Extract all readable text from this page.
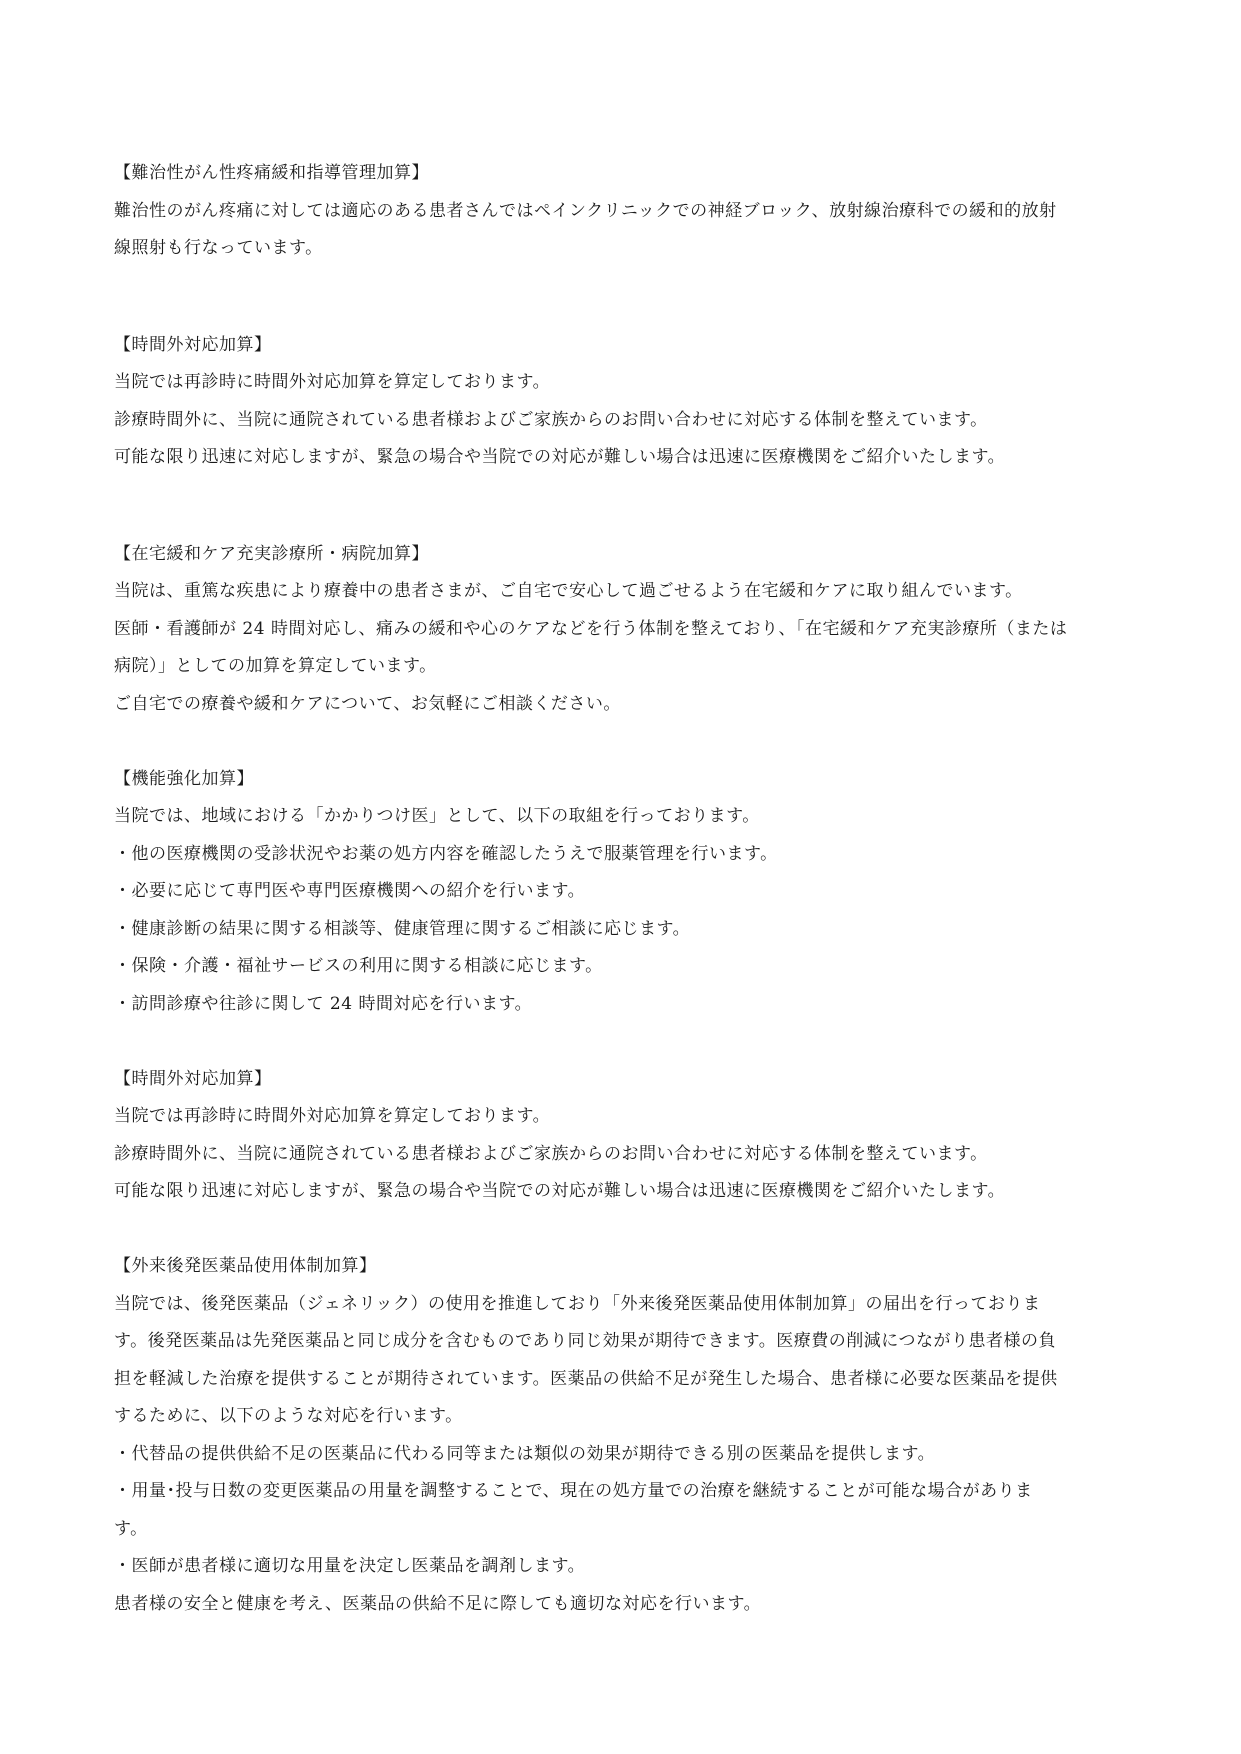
【難治性がん性疼痛緩和指導管理加算】
難治性のがん疼痛に対しては適応のある患者さんではペインクリニックでの神経ブロック、放射線治療科での緩和的放射
線照射も行なっています。
【時間外対応加算】
当院では再診時に時間外対応加算を算定しております。
診療時間外に、当院に通院されている患者様およびご家族からのお問い合わせに対応する体制を整えています。
可能な限り迅速に対応しますが、緊急の場合や当院での対応が難しい場合は迅速に医療機関をご紹介いたします。
【在宅緩和ケア充実診療所・病院加算】
当院は、重篤な疾患により療養中の患者さまが、ご自宅で安心して過ごせるよう在宅緩和ケアに取り組んでいます。
医師・看護師が 24 時間対応し、痛みの緩和や心のケアなどを行う体制を整えており、「在宅緩和ケア充実診療所（または
病院）」としての加算を算定しています。
ご自宅での療養や緩和ケアについて、お気軽にご相談ください。
【機能強化加算】
当院では、地域における「かかりつけ医」として、以下の取組を行っております。
・他の医療機関の受診状況やお薬の処方内容を確認したうえで服薬管理を行います。
・必要に応じて専門医や専門医療機関への紹介を行います。
・健康診断の結果に関する相談等、健康管理に関するご相談に応じます。
・保険・介護・福祉サービスの利用に関する相談に応じます。
・訪問診療や往診に関して 24 時間対応を行います。
【時間外対応加算】
当院では再診時に時間外対応加算を算定しております。
診療時間外に、当院に通院されている患者様およびご家族からのお問い合わせに対応する体制を整えています。
可能な限り迅速に対応しますが、緊急の場合や当院での対応が難しい場合は迅速に医療機関をご紹介いたします。
【外来後発医薬品使用体制加算】
当院では、後発医薬品（ジェネリック）の使用を推進しており「外来後発医薬品使用体制加算」の届出を行っておりま
す。後発医薬品は先発医薬品と同じ成分を含むものであり同じ効果が期待できます。医療費の削減につながり患者様の負
担を軽減した治療を提供することが期待されています。医薬品の供給不足が発生した場合、患者様に必要な医薬品を提供
するために、以下のような対応を行います。
・代替品の提供供給不足の医薬品に代わる同等または類似の効果が期待できる別の医薬品を提供します。
・用量･投与日数の変更医薬品の用量を調整することで、現在の処方量での治療を継続することが可能な場合がありま
す。
・医師が患者様に適切な用量を決定し医薬品を調剤します。
患者様の安全と健康を考え、医薬品の供給不足に際しても適切な対応を行います。
